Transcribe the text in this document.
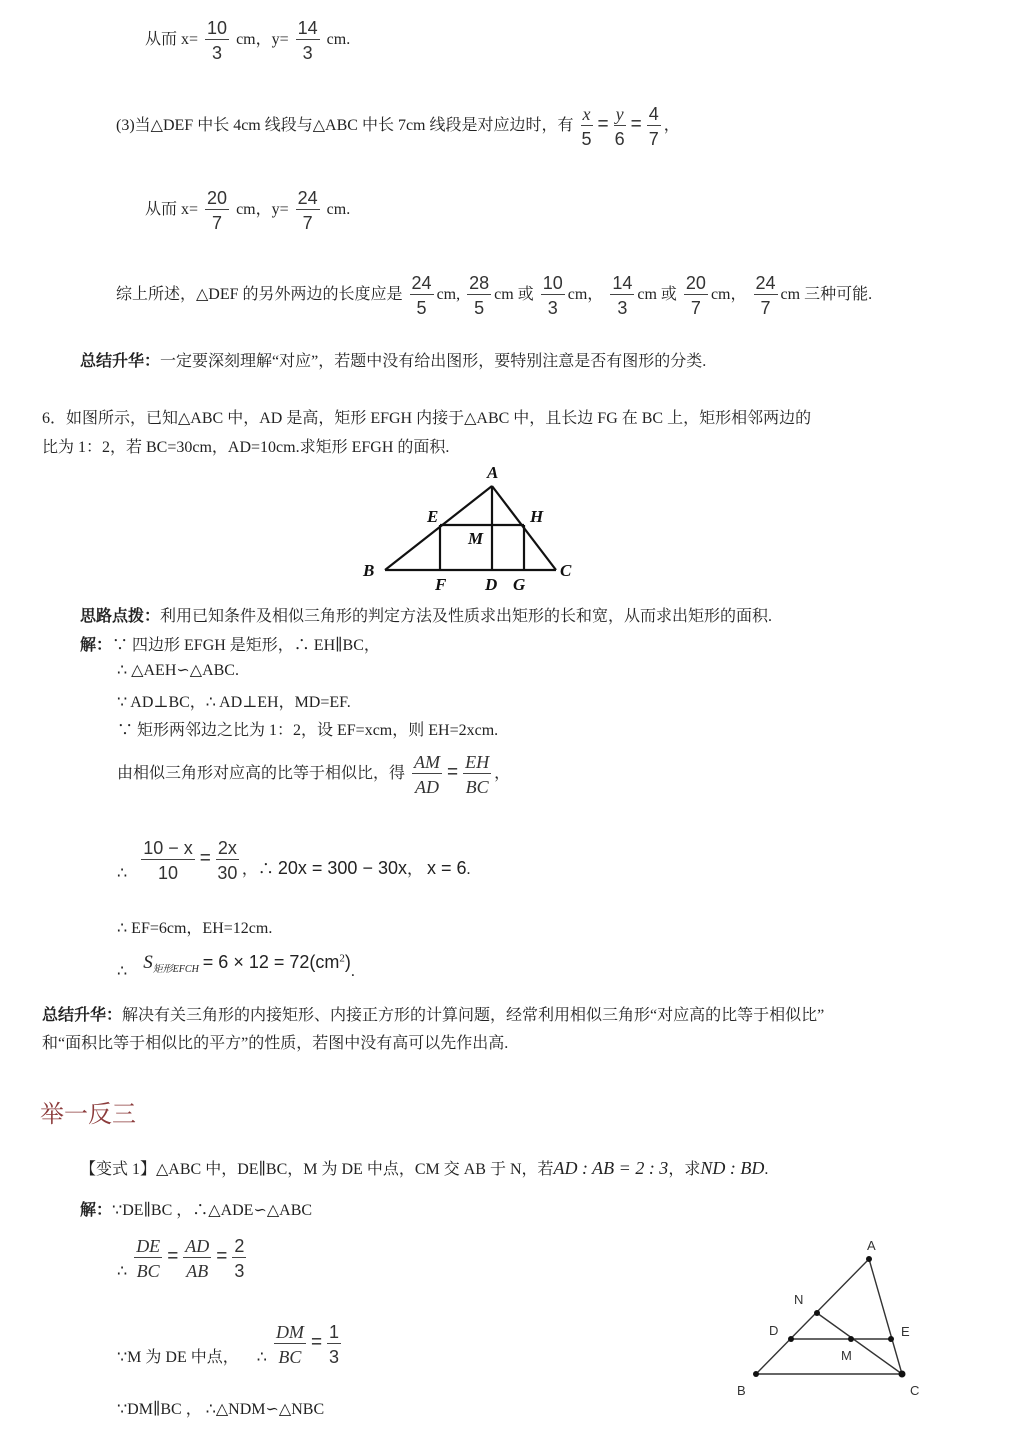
从而 $x= \frac{10}{3}$ cm，$y= \frac{14}{3}$ cm.
(3)当△DEF 中长 4cm 线段与△ABC 中长 7cm 线段是对应边时，有 $\frac{x}{5} = \frac{y}{6} = \frac{4}{7}$ ，
从而 $x= \frac{20}{7}$ cm，$y= \frac{24}{7}$ cm.
综上所述，△DEF 的另外两边的长度应是 $\frac{24}{5}$ cm, $\frac{28}{5}$ cm 或 $\frac{10}{3}$ cm， $\frac{14}{3}$ cm 或 $\frac{20}{7}$ cm， $\frac{24}{7}$ cm 三种可能.
总结升华：一定要深刻理解“对应”，若题中没有给出图形，要特别注意是否有图形的分类.
6．如图所示，已知△ABC 中，AD 是高，矩形 EFGH 内接于△ABC 中，且长边 FG 在 BC 上，矩形相邻两边的
比为 1：2，若 BC=30cm，AD=10cm.求矩形 EFGH 的面积.
A
B	C
D
E
F	G
H
M
思路点拨：利用已知条件及相似三角形的判定方法及性质求出矩形的长和宽，从而求出矩形的面积.
解：∵ 四边形 EFGH 是矩形，∴ EH∥BC，
∴ △AEH∽△ABC.
∵ AD⊥BC，∴ AD⊥EH，MD=EF.
∵ 矩形两邻边之比为 1：2，设 EF=xcm，则 EH=2xcm.
由相似三角形对应高的比等于相似比，得 $\frac{AM}{AD} = \frac{EH}{BC}$ ，
∴ $\frac{10 - x}{10} = \frac{2x}{30}$ ，∴ 20x = 300 − 30x， x = 6.
∴ EF=6cm，EH=12cm.
∴ $S_{矩形EFCH} = 6 \times 12 = 72(cm^2)$.
总结升华：解决有关三角形的内接矩形、内接正方形的计算问题，经常利用相似三角形“对应高的比等于相似比”
和“面积比等于相似比的平方”的性质，若图中没有高可以先作出高.
举一反三
【变式 1】△ABC 中，DE∥BC，M 为 DE 中点，CM 交 AB 于 N，若AD : AB = 2 : 3，求ND : BD.
解：∵DE∥BC ，∴△ADE∽△ABC
∴ $\frac{DE}{BC} = \frac{AD}{AB} = \frac{2}{3}$
∵M 为 DE 中点， ∴ $\frac{DM}{BC} = \frac{1}{3}$
∵DM∥BC ， ∴△NDM∽△NBC
A
B	C
D	E
M
N
